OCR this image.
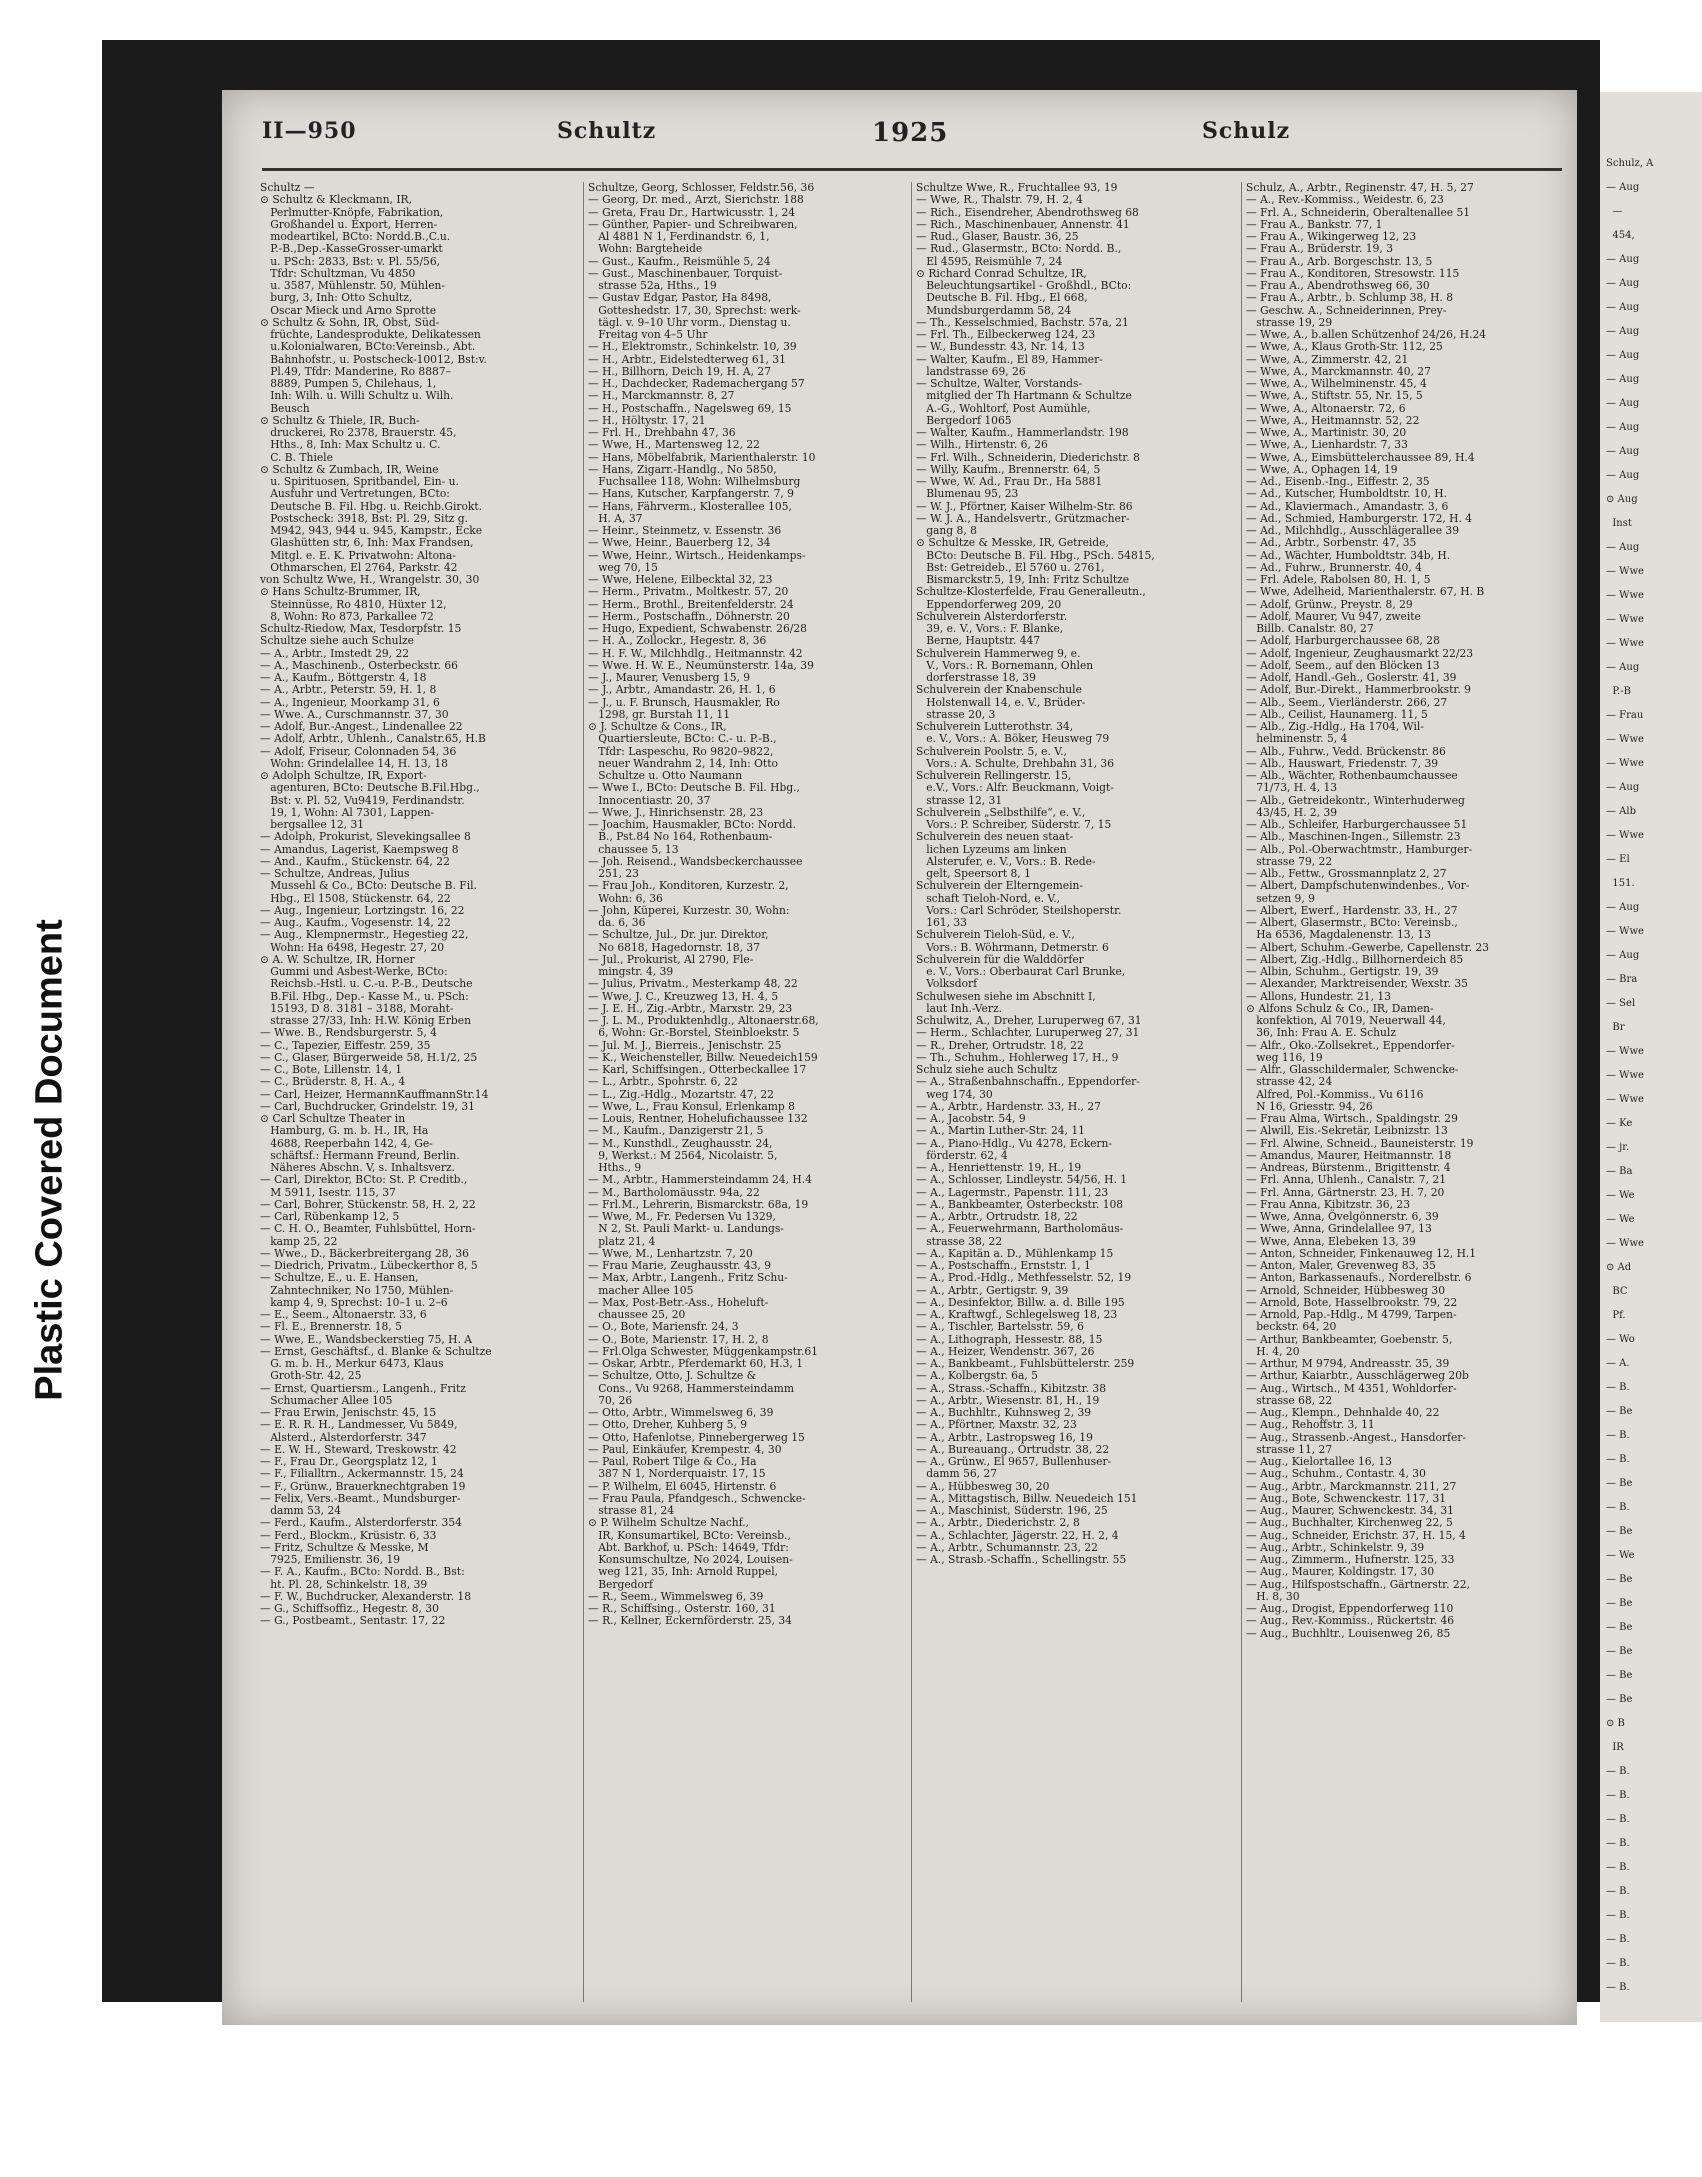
Plastic Covered Document
II—950	Schultz	1925	Schulz
Schultz —
⊙ Schultz & Kleckmann, IR,
Perlmutter-Knöpfe, Fabrikation,
Großhandel u. Export, Herren-
modeartikel, BCto: Nordd.B.,C.u.
P.-B.,Dep.-KasseGrosser-umarkt
u. PSch: 2833, Bst: v. Pl. 55/56,
Tfdr: Schultzman, Vu 4850
u. 3587, Mühlenstr. 50, Mühlen-
burg, 3, Inh: Otto Schultz,
Oscar Mieck und Arno Sprotte
⊙ Schultz & Sohn, IR, Obst, Süd-
früchte, Landesprodukte, Delikatessen
u.Kolonialwaren, BCto:Vereinsb., Abt.
Bahnhofstr., u. Postscheck-10012, Bst:v.
Pl.49, Tfdr: Manderine, Ro 8887–
8889, Pumpen 5, Chilehaus, 1,
Inh: Wilh. u. Willi Schultz u. Wilh.
Beusch
⊙ Schultz & Thiele, IR, Buch-
druckerei, Ro 2378, Brauerstr. 45,
Hths., 8, Inh: Max Schultz u. C.
C. B. Thiele
⊙ Schultz & Zumbach, IR, Weine
u. Spirituosen, Spritbandel, Ein- u.
Ausfuhr und Vertretungen, BCto:
Deutsche B. Fil. Hbg. u. Reichb.Girokt.
Postscheck: 3918, Bst: Pl. 29, Sitz g.
M942, 943, 944 u. 945, Kampstr., Ecke
Glashütten str, 6, Inh: Max Frandsen,
Mitgl. e. E. K. Privatwohn: Altona-
Othmarschen, El 2764, Parkstr. 42
von Schultz Wwe, H., Wrangelstr. 30, 30
⊙ Hans Schultz-Brummer, IR,
Steinnüsse, Ro 4810, Hüxter 12,
8, Wohn: Ro 873, Parkallee 72
Schultz-Riedow, Max, Tesdorpfstr. 15
Schultze siehe auch Schulze
— A., Arbtr., Imstedt 29, 22
— A., Maschinenb., Osterbeckstr. 66
— A., Kaufm., Böttgerstr. 4, 18
— A., Arbtr., Peterstr. 59, H. 1, 8
— A., Ingenieur, Moorkamp 31, 6
— Wwe. A., Curschmannstr. 37, 30
— Adolf, Bur.-Angest., Lindenallee 22
— Adolf, Arbtr., Uhlenh., Canalstr.65, H.B
— Adolf, Friseur, Colonnaden 54, 36
Wohn: Grindelallee 14, H. 13, 18
⊙ Adolph Schultze, IR, Export-
agenturen, BCto: Deutsche B.Fil.Hbg.,
Bst: v. Pl. 52, Vu9419, Ferdinandstr.
19, 1, Wohn: Al 7301, Lappen-
bergsallee 12, 31
— Adolph, Prokurist, Slevekingsallee 8
— Amandus, Lagerist, Kaempsweg 8
— And., Kaufm., Stückenstr. 64, 22
— Schultze, Andreas, Julius
Mussehl & Co., BCto: Deutsche B. Fil.
Hbg., El 1508, Stückenstr. 64, 22
— Aug., Ingenieur, Lortzingstr. 16, 22
— Aug., Kaufm., Vogesenstr. 14, 22
— Aug., Klempnermstr., Hegestieg 22,
Wohn: Ha 6498, Hegestr. 27, 20
⊙ A. W. Schultze, IR, Horner
Gummi und Asbest-Werke, BCto:
Reichsb.-Hstl. u. C.-u. P.-B., Deutsche
B.Fil. Hbg., Dep.- Kasse M., u. PSch:
15193, D 8. 3181 – 3188, Moraht-
strasse 27/33, Inh: H.W. König Erben
— Wwe. B., Rendsburgerstr. 5, 4
— C., Tapezier, Eiffestr. 259, 35
— C., Glaser, Bürgerweide 58, H.1/2, 25
— C., Bote, Lillenstr. 14, 1
— C., Brüderstr. 8, H. A., 4
— Carl, Heizer, HermannKauffmannStr.14
— Carl, Buchdrucker, Grindelstr. 19, 31
⊙ Carl Schultze Theater in
Hamburg, G. m. b. H., IR, Ha
4688, Reeperbahn 142, 4, Ge-
schäftsf.: Hermann Freund, Berlin.
Näheres Abschn. V, s. Inhaltsverz.
— Carl, Direktor, BCto: St. P. Creditb.,
M 5911, Isestr. 115, 37
— Carl, Bohrer, Stückenstr. 58, H. 2, 22
— Carl, Rübenkamp 12, 5
— C. H. O., Beamter, Fuhlsbüttel, Horn-
kamp 25, 22
— Wwe., D., Bäckerbreitergang 28, 36
— Diedrich, Privatm., Lübeckerthor 8, 5
— Schultze, E., u. E. Hansen,
Zahntechniker, No 1750, Mühlen-
kamp 4, 9, Sprechst: 10–1 u. 2–6
— E., Seem., Altonaerstr. 33, 6
— Fl. E., Brennerstr. 18, 5
— Wwe, E., Wandsbeckerstieg 75, H. A
— Ernst, Geschäftsf., d. Blanke & Schultze
G. m. b. H., Merkur 6473, Klaus
Groth-Str. 42, 25
— Ernst, Quartiersm., Langenh., Fritz
Schumacher Allee 105
— Frau Erwin, Jenischstr. 45, 15
— E. R. R. H., Landmesser, Vu 5849,
Alsterd., Alsterdorferstr. 347
— E. W. H., Steward, Treskowstr. 42
— F., Frau Dr., Georgsplatz 12, 1
— F., Filialltrn., Ackermannstr. 15, 24
— F., Grünw., Brauerknechtgraben 19
— Felix, Vers.-Beamt., Mundsburger-
damm 53, 24
— Ferd., Kaufm., Alsterdorferstr. 354
— Ferd., Blockm., Krüsistr. 6, 33
— Fritz, Schultze & Messke, M
7925, Emilienstr. 36, 19
— F. A., Kaufm., BCto: Nordd. B., Bst:
ht. Pl. 28, Schinkelstr. 18, 39
— F. W., Buchdrucker, Alexanderstr. 18
— G., Schiffsoffiz., Hegestr. 8, 30
— G., Postbeamt., Sentastr. 17, 22
Schultze, Georg, Schlosser, Feldstr.56, 36
— Georg, Dr. med., Arzt, Sierichstr. 188
— Greta, Frau Dr., Hartwicusstr. 1, 24
— Günther, Papier- und Schreibwaren,
Al 4881 N 1, Ferdinandstr. 6, 1,
Wohn: Bargteheide
— Gust., Kaufm., Reismühle 5, 24
— Gust., Maschinenbauer, Torquist-
strasse 52a, Hths., 19
— Gustav Edgar, Pastor, Ha 8498,
Gotteshedstr. 17, 30, Sprechst: werk-
tägl. v. 9–10 Uhr vorm., Dienstag u.
Freitag von 4–5 Uhr
— H., Elektromstr., Schinkelstr. 10, 39
— H., Arbtr., Eidelstedterweg 61, 31
— H., Billhorn, Deich 19, H. A, 27
— H., Dachdecker, Rademachergang 57
— H., Marckmannstr. 8, 27
— H., Postschaffn., Nagelsweg 69, 15
— H., Höltystr. 17, 21
— Frl. H., Drehbahn 47, 36
— Wwe, H., Martensweg 12, 22
— Hans, Möbelfabrik, Marienthalerstr. 10
— Hans, Zigarr.-Handlg., No 5850,
Fuchsallee 118, Wohn: Wilhelmsburg
— Hans, Kutscher, Karpfangerstr. 7, 9
— Hans, Fährverm., Klosterallee 105,
H. A, 37
— Heinr., Steinmetz, v. Essenstr. 36
— Wwe, Heinr., Bauerberg 12, 34
— Wwe, Heinr., Wirtsch., Heidenkamps-
weg 70, 15
— Wwe, Helene, Eilbecktal 32, 23
— Herm., Privatm., Moltkestr. 57, 20
— Herm., Brothl., Breitenfelderstr. 24
— Herm., Postschaffn., Döhnerstr. 20
— Hugo, Expedient, Schwabenstr. 26/28
— H. A., Zollockr., Hegestr. 8, 36
— H. F. W., Milchhdlg., Heitmannstr. 42
— Wwe. H. W. E., Neumünsterstr. 14a, 39
— J., Maurer, Venusberg 15, 9
— J., Arbtr., Amandastr. 26, H. 1, 6
— J., u. F. Brunsch, Hausmakler, Ro
1298, gr. Burstah 11, 11
⊙ J. Schultze & Cons., IR,
Quartiersleute, BCto: C.- u. P.-B.,
Tfdr: Laspeschu, Ro 9820–9822,
neuer Wandrahm 2, 14, Inh: Otto
Schultze u. Otto Naumann
— Wwe I., BCto: Deutsche B. Fil. Hbg.,
Innocentiastr. 20, 37
— Wwe, J., Hinrichsenstr. 28, 23
— Joachim, Hausmakler, BCto: Nordd.
B., Pst.84 No 164, Rothenbaum-
chaussee 5, 13
— Joh. Reisend., Wandsbeckerchaussee
251, 23
— Frau Joh., Konditoren, Kurzestr. 2,
Wohn: 6, 36
— John, Küperei, Kurzestr. 30, Wohn:
da. 6, 36
— Schultze, Jul., Dr. jur. Direktor,
No 6818, Hagedornstr. 18, 37
— Jul., Prokurist, Al 2790, Fle-
mingstr. 4, 39
— Julius, Privatm., Mesterkamp 48, 22
— Wwe, J. C., Kreuzweg 13, H. 4, 5
— J. E. H., Zig.-Arbtr., Marxstr. 29, 23
— J. L. M., Produktenhdlg., Altonaerstr.68,
6, Wohn: Gr.-Borstel, Steinbloekstr. 5
— Jul. M. J., Bierreis., Jenischstr. 25
— K., Weichensteller, Billw. Neuedeich159
— Karl, Schiffsingen., Otterbeckallee 17
— L., Arbtr., Spohrstr. 6, 22
— L., Zig.-Hdlg., Mozartstr. 47, 22
— Wwe, L., Frau Konsul, Erlenkamp 8
— Louis, Rentner, Hohelufichaussee 132
— M., Kaufm., Danzigerstr 21, 5
— M., Kunsthdl., Zeughausstr. 24,
9, Werkst.: M 2564, Nicolaistr. 5,
Hths., 9
— M., Arbtr., Hammersteindamm 24, H.4
— M., Bartholomäusstr. 94a, 22
— Frl.M., Lehrerin, Bismarckstr. 68a, 19
— Wwe, M., Fr. Pedersen Vu 1329,
N 2, St. Pauli Markt- u. Landungs-
platz 21, 4
— Wwe, M., Lenhartzstr. 7, 20
— Frau Marie, Zeughausstr. 43, 9
— Max, Arbtr., Langenh., Fritz Schu-
macher Allee 105
— Max, Post-Betr.-Ass., Hoheluft-
chaussee 25, 20
— O., Bote, Mariensfr. 24, 3
— O., Bote, Marienstr. 17, H. 2, 8
— Frl.Olga Schwester, Müggenkampstr.61
— Oskar, Arbtr., Pferdemarkt 60, H.3, 1
— Schultze, Otto, J. Schultze &
Cons., Vu 9268, Hammersteindamm
70, 26
— Otto, Arbtr., Wimmelsweg 6, 39
— Otto, Dreher, Kuhberg 5, 9
— Otto, Hafenlotse, Pinnebergerweg 15
— Paul, Einkäufer, Krempestr. 4, 30
— Paul, Robert Tilge & Co., Ha
387 N 1, Norderquaistr. 17, 15
— P. Wilhelm, El 6045, Hirtenstr. 6
— Frau Paula, Pfandgesch., Schwencke-
strasse 81, 24
⊙ P. Wilhelm Schultze Nachf.,
IR, Konsumartikel, BCto: Vereinsb.,
Abt. Barkhof, u. PSch: 14649, Tfdr:
Konsumschultze, No 2024, Louisen-
weg 121, 35, Inh: Arnold Ruppel,
Bergedorf
— R., Seem., Wimmelsweg 6, 39
— R., Schiffsing., Osterstr. 160, 31
— R., Kellner, Eckernförderstr. 25, 34
Schultze Wwe, R., Fruchtallee 93, 19
— Wwe, R., Thalstr. 79, H. 2, 4
— Rich., Eisendreher, Abendrothsweg 68
— Rich., Maschinenbauer, Annenstr. 41
— Rud., Glaser, Baustr. 36, 25
— Rud., Glasermstr., BCto: Nordd. B.,
El 4595, Reismühle 7, 24
⊙ Richard Conrad Schultze, IR,
Beleuchtungsartikel - Großhdl., BCto:
Deutsche B. Fil. Hbg., El 668,
Mundsburgerdamm 58, 24
— Th., Kesselschmied, Bachstr. 57a, 21
— Frl. Th., Eilbeckerweg 124, 23
— W., Bundesstr. 43, Nr. 14, 13
— Walter, Kaufm., El 89, Hammer-
landstrasse 69, 26
— Schultze, Walter, Vorstands-
mitglied der Th Hartmann & Schultze
A.-G., Wohltorf, Post Aumühle,
Bergedorf 1065
— Walter, Kaufm., Hammerlandstr. 198
— Wilh., Hirtenstr. 6, 26
— Frl. Wilh., Schneiderin, Diederichstr. 8
— Willy, Kaufm., Brennerstr. 64, 5
— Wwe, W. Ad., Frau Dr., Ha 5881
Blumenau 95, 23
— W. J., Pförtner, Kaiser Wilhelm-Str. 86
— W. J. A., Handelsvertr., Grützmacher-
gang 8, 8
⊙ Schultze & Messke, IR, Getreide,
BCto: Deutsche B. Fil. Hbg., PSch. 54815,
Bst: Getreideb., El 5760 u. 2761,
Bismarckstr.5, 19, Inh: Fritz Schultze
Schultze-Klosterfelde, Frau Generalleutn.,
Eppendorferweg 209, 20
Schulverein Alsterdorferstr.
39, e. V., Vors.: F. Blanke,
Berne, Hauptstr. 447
Schulverein Hammerweg 9, e.
V., Vors.: R. Bornemann, Ohlen
dorferstrasse 18, 39
Schulverein der Knabenschule
Holstenwall 14, e. V., Brüder-
strasse 20, 3
Schulverein Lutterothstr. 34,
e. V., Vors.: A. Böker, Heusweg 79
Schulverein Poolstr. 5, e. V.,
Vors.: A. Schulte, Drehbahn 31, 36
Schulverein Rellingerstr. 15,
e.V., Vors.: Alfr. Beuckmann, Voigt-
strasse 12, 31
Schulverein „Selbsthilfe“, e. V.,
Vors.: P. Schreiber, Süderstr. 7, 15
Schulverein des neuen staat-
lichen Lyzeums am linken
Alsterufer, e. V., Vors.: B. Rede-
gelt, Speersort 8, 1
Schulverein der Elterngemein-
schaft Tieloh-Nord, e. V.,
Vors.: Carl Schröder, Steilshoperstr.
161, 33
Schulverein Tieloh-Süd, e. V.,
Vors.: B. Wöhrmann, Detmerstr. 6
Schulverein für die Walddörfer
e. V., Vors.: Oberbaurat Carl Brunke,
Volksdorf
Schulwesen siehe im Abschnitt I,
laut Inh.-Verz.
Schulwitz, A., Dreher, Luruperweg 67, 31
— Herm., Schlachter, Luruperweg 27, 31
— R., Dreher, Ortrudstr. 18, 22
— Th., Schuhm., Hohlerweg 17, H., 9
Schulz siehe auch Schultz
— A., Straßenbahnschaffn., Eppendorfer-
weg 174, 30
— A., Arbtr., Hardenstr. 33, H., 27
— A., Jacobstr. 54, 9
— A., Martin Luther-Str. 24, 11
— A., Piano-Hdlg., Vu 4278, Eckern-
förderstr. 62, 4
— A., Henriettenstr. 19, H., 19
— A., Schlosser, Lindleystr. 54/56, H. 1
— A., Lagermstr., Papenstr. 111, 23
— A., Bankbeamter, Osterbeckstr. 108
— A., Arbtr., Ortrudstr. 18, 22
— A., Feuerwehrmann, Bartholomäus-
strasse 38, 22
— A., Kapitän a. D., Mühlenkamp 15
— A., Postschaffn., Ernststr. 1, 1
— A., Prod.-Hdlg., Methfesselstr. 52, 19
— A., Arbtr., Gertigstr. 9, 39
— A., Desinfektor, Billw. a. d. Bille 195
— A., Kraftwgf., Schlegelsweg 18, 23
— A., Tischler, Bartelsstr. 59, 6
— A., Lithograph, Hessestr. 88, 15
— A., Heizer, Wendenstr. 367, 26
— A., Bankbeamt., Fuhlsbüttelerstr. 259
— A., Kolbergstr. 6a, 5
— A., Strass.-Schaffn., Kibitzstr. 38
— A., Arbtr., Wiesenstr. 81, H., 19
— A., Buchhltr., Kuhnsweg 2, 39
— A., Pförtner, Maxstr. 32, 23
— A., Arbtr., Lastropsweg 16, 19
— A., Bureauang., Ortrudstr. 38, 22
— A., Grünw., El 9657, Bullenhuser-
damm 56, 27
— A., Hübbesweg 30, 20
— A., Mittagstisch, Billw. Neuedeich 151
— A., Maschinist, Süderstr. 196, 25
— A., Arbtr., Diederichstr. 2, 8
— A., Schlachter, Jägerstr. 22, H. 2, 4
— A., Arbtr., Schumannstr. 23, 22
— A., Strasb.-Schaffn., Schellingstr. 55
Schulz, A., Arbtr., Reginenstr. 47, H. 5, 27
— A., Rev.-Kommiss., Weidestr. 6, 23
— Frl. A., Schneiderin, Oberaltenallee 51
— Frau A., Bankstr. 77, 1
— Frau A., Wikingerweg 12, 23
— Frau A., Brüderstr. 19, 3
— Frau A., Arb. Borgeschstr. 13, 5
— Frau A., Konditoren, Stresowstr. 115
— Frau A., Abendrothsweg 66, 30
— Frau A., Arbtr., b. Schlump 38, H. 8
— Geschw. A., Schneiderinnen, Prey-
strasse 19, 29
— Wwe, A., b.allen Schützenhof 24/26, H.24
— Wwe, A., Klaus Groth-Str. 112, 25
— Wwe, A., Zimmerstr. 42, 21
— Wwe, A., Marckmannstr. 40, 27
— Wwe, A., Wilhelminenstr. 45, 4
— Wwe, A., Stiftstr. 55, Nr. 15, 5
— Wwe, A., Altonaerstr. 72, 6
— Wwe, A., Heitmannstr. 52, 22
— Wwe, A., Martinistr. 30, 20
— Wwe, A., Lienhardstr. 7, 33
— Wwe, A., Eimsbüttelerchaussee 89, H.4
— Wwe, A., Ophagen 14, 19
— Ad., Eisenb.-Ing., Eiffestr. 2, 35
— Ad., Kutscher, Humboldtstr. 10, H.
— Ad., Klaviermach., Amandastr. 3, 6
— Ad., Schmied, Hamburgerstr. 172, H. 4
— Ad., Milchhdlg., Ausschlägerallee 39
— Ad., Arbtr., Sorbenstr. 47, 35
— Ad., Wächter, Humboldtstr. 34b, H.
— Ad., Fuhrw., Brunnerstr. 40, 4
— Frl. Adele, Rabolsen 80, H. 1, 5
— Wwe, Adelheid, Marienthalerstr. 67, H. B
— Adolf, Grünw., Preystr. 8, 29
— Adolf, Maurer, Vu 947, zweite
Billb. Canalstr. 80, 27
— Adolf, Harburgerchaussee 68, 28
— Adolf, Ingenieur, Zeughausmarkt 22/23
— Adolf, Seem., auf den Blöcken 13
— Adolf, Handl.-Geh., Goslerstr. 41, 39
— Adolf, Bur.-Direkt., Hammerbrookstr. 9
— Alb., Seem., Vierländerstr. 266, 27
— Alb., Ceilist, Haunamerg. 11, 5
— Alb., Zig.-Hdlg., Ha 1704, Wil-
helminenstr. 5, 4
— Alb., Fuhrw., Vedd. Brückenstr. 86
— Alb., Hauswart, Friedenstr. 7, 39
— Alb., Wächter, Rothenbaumchaussee
71/73, H. 4, 13
— Alb., Getreidekontr., Winterhuderweg
43/45, H. 2, 39
— Alb., Schleifer, Harburgerchaussee 51
— Alb., Maschinen-Ingen., Sillemstr. 23
— Alb., Pol.-Oberwachtmstr., Hamburger-
strasse 79, 22
— Alb., Fettw., Grossmannplatz 2, 27
— Albert, Dampfschutenwindenbes., Vor-
setzen 9, 9
— Albert, Ewerf., Hardenstr. 33, H., 27
— Albert, Glasermstr., BCto: Vereinsb.,
Ha 6536, Magdalenenstr. 13, 13
— Albert, Schuhm.-Gewerbe, Capellenstr. 23
— Albert, Zig.-Hdlg., Billhornerdeich 85
— Albin, Schuhm., Gertigstr. 19, 39
— Alexander, Marktreisender, Wexstr. 35
— Allons, Hundestr. 21, 13
⊙ Alfons Schulz & Co., IR, Damen-
konfektion, Al 7019, Neuerwall 44,
36, Inh: Frau A. E. Schulz
— Alfr., Oko.-Zollsekret., Eppendorfer-
weg 116, 19
— Alfr., Glasschildermaler, Schwencke-
strasse 42, 24
Alfred, Pol.-Kommiss., Vu 6116
N 16, Griesstr. 94, 26
— Frau Alma, Wirtsch., Spaldingstr. 29
— Alwill, Eis.-Sekretär, Leibnizstr. 13
— Frl. Alwine, Schneid., Bauneisterstr. 19
— Amandus, Maurer, Heitmannstr. 18
— Andreas, Bürstenm., Brigittenstr. 4
— Frl. Anna, Uhlenh., Canalstr. 7, 21
— Frl. Anna, Gärtnerstr. 23, H. 7, 20
— Frau Anna, Kibitzstr. 36, 23
— Wwe, Anna, Övelgönnerstr. 6, 39
— Wwe, Anna, Grindelallee 97, 13
— Wwe, Anna, Elebeken 13, 39
— Anton, Schneider, Finkenauweg 12, H.1
— Anton, Maler, Grevenweg 83, 35
— Anton, Barkassenaufs., Norderelbstr. 6
— Arnold, Schneider, Hübbesweg 30
— Arnold, Bote, Hasselbrookstr. 79, 22
— Arnold, Pap.-Hdlg., M 4799, Tarpen-
beckstr. 64, 20
— Arthur, Bankbeamter, Goebenstr. 5,
H. 4, 20
— Arthur, M 9794, Andreasstr. 35, 39
— Arthur, Kaiarbtr., Ausschlägerweg 20b
— Aug., Wirtsch., M 4351, Wohldorfer-
strasse 68, 22
— Aug., Klempn., Dehnhalde 40, 22
— Aug., Rehoffstr. 3, 11
— Aug., Strassenb.-Angest., Hansdorfer-
strasse 11, 27
— Aug., Kielortallee 16, 13
— Aug., Schuhm., Contastr. 4, 30
— Aug., Arbtr., Marckmannstr. 211, 27
— Aug., Bote, Schwenckestr. 117, 31
— Aug., Maurer, Schwenckestr. 34, 31
— Aug., Buchhalter, Kirchenweg 22, 5
— Aug., Schneider, Erichstr. 37, H. 15, 4
— Aug., Arbtr., Schinkelstr. 9, 39
— Aug., Zimmerm., Hufnerstr. 125, 33
— Aug., Maurer, Koldingstr. 17, 30
— Aug., Hilfspostschaffn., Gärtnerstr. 22,
H. 8, 30
— Aug., Drogist, Eppendorferweg 110
— Aug., Rev.-Kommiss., Rückertstr. 46
— Aug., Buchhltr., Louisenweg 26, 85
Schulz, A
— Aug
—
454,
— Aug
— Aug
— Aug
— Aug
— Aug
— Aug
— Aug
— Aug
— Aug
— Aug
⊙ Aug
Inst
— Aug
— Wwe
— Wwe
— Wwe
— Wwe
— Aug
P.-B
— Frau
— Wwe
— Wwe
— Aug
— Alb
— Wwe
— El
151.
— Aug
— Wwe
— Aug
— Bra
— Sel
Br
— Wwe
— Wwe
— Wwe
— Ke
— jr.
— Ba
— We
— We
— Wwe
⊙ Ad
BC
Pf.
— Wo
— A.
— B.
— Be
— B.
— B.
— Be
— B.
— Be
— We
— Be
— Be
— Be
— Be
— Be
— Be
⊙ B
IR
— B.
— B.
— B.
— B.
— B.
— B.
— B.
— B.
— B.
— B.
